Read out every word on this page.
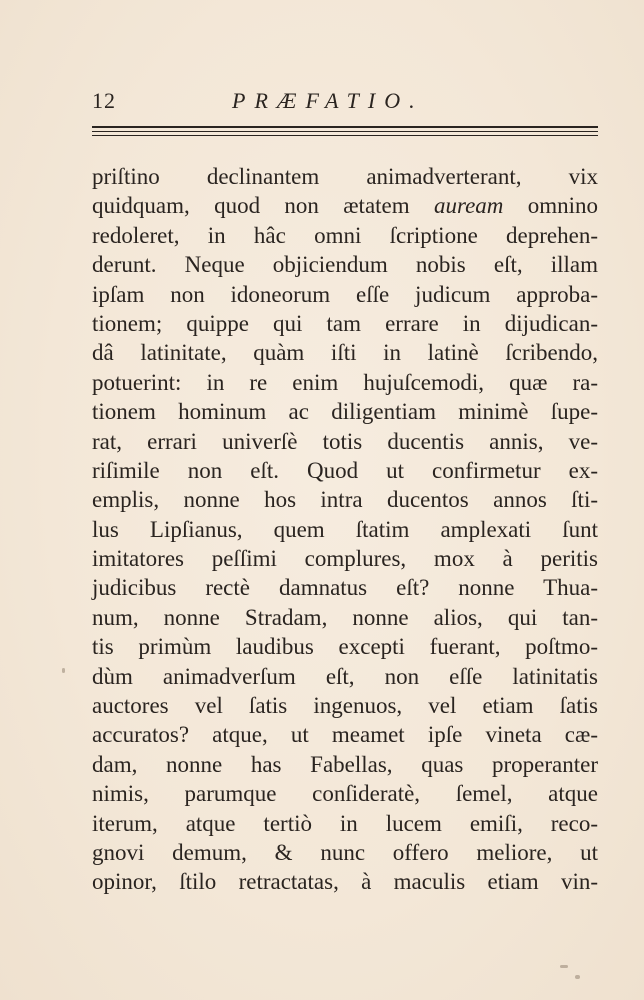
12	PRÆFATIO.
priſtino declinantem animadverterant, vix
quidquam, quod non ætatem auream omnino
redoleret, in hâc omni ſcriptione deprehen-
derunt. Neque objiciendum nobis eſt, illam
ipſam non idoneorum eſſe judicum approba-
tionem; quippe qui tam errare in dijudican-
dâ latinitate, quàm iſti in latinè ſcribendo,
potuerint: in re enim hujuſcemodi, quæ ra-
tionem hominum ac diligentiam minimè ſupe-
rat, errari univerſè totis ducentis annis, ve-
riſimile non eſt. Quod ut confirmetur ex-
emplis, nonne hos intra ducentos annos ſti-
lus Lipſianus, quem ſtatim amplexati ſunt
imitatores peſſimi complures, mox à peritis
judicibus rectè damnatus eſt? nonne Thua-
num, nonne Stradam, nonne alios, qui tan-
tis primùm laudibus excepti fuerant, poſtmo-
dùm animadverſum eſt, non eſſe latinitatis
auctores vel ſatis ingenuos, vel etiam ſatis
accuratos? atque, ut meamet ipſe vineta cæ-
dam, nonne has Fabellas, quas properanter
nimis, parumque conſideratè, ſemel, atque
iterum, atque tertiò in lucem emiſi, reco-
gnovi demum, & nunc offero meliore, ut
opinor, ſtilo retractatas, à maculis etiam vin-
